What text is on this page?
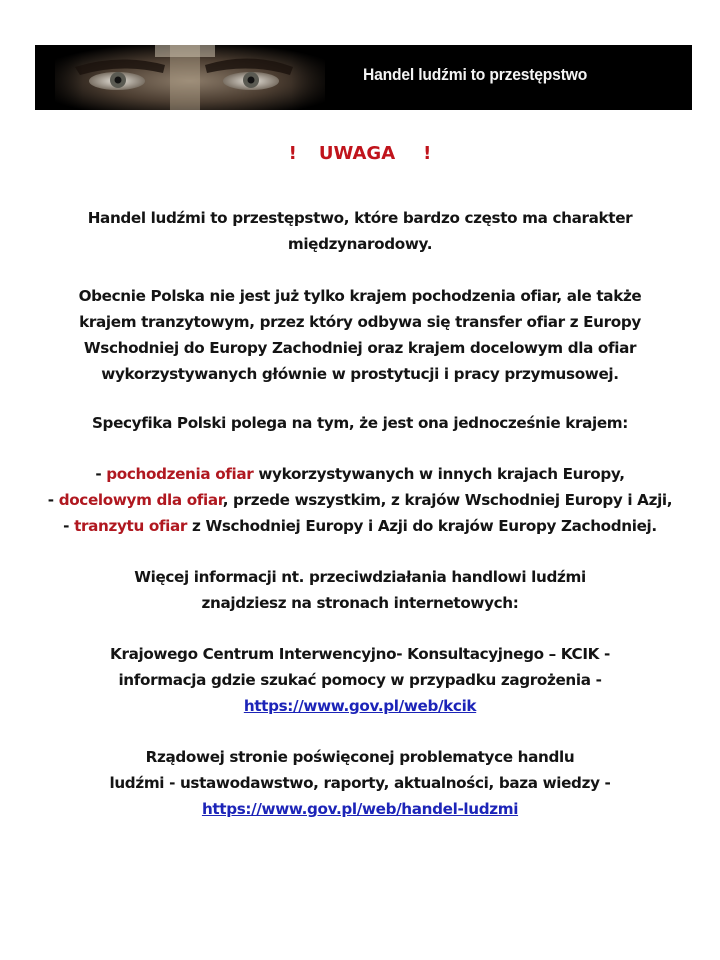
Handel ludźmi to przestępstwo
! UWAGA !
Handel ludźmi to przestępstwo, które bardzo często ma charakter
międzynarodowy.
Obecnie Polska nie jest już tylko krajem pochodzenia ofiar, ale także
krajem tranzytowym, przez który odbywa się transfer ofiar z Europy
Wschodniej do Europy Zachodniej oraz krajem docelowym dla ofiar
wykorzystywanych głównie w prostytucji i pracy przymusowej.
Specyfika Polski polega na tym, że jest ona jednocześnie krajem:
- pochodzenia ofiar wykorzystywanych w innych krajach Europy,
- docelowym dla ofiar, przede wszystkim, z krajów Wschodniej Europy i Azji,
- tranzytu ofiar z Wschodniej Europy i Azji do krajów Europy Zachodniej.
Więcej informacji nt. przeciwdziałania handlowi ludźmi
znajdziesz na stronach internetowych:
Krajowego Centrum Interwencyjno- Konsultacyjnego – KCIK -
informacja gdzie szukać pomocy w przypadku zagrożenia -
https://www.gov.pl/web/kcik
Rządowej stronie poświęconej problematyce handlu
ludźmi - ustawodawstwo, raporty, aktualności, baza wiedzy -
https://www.gov.pl/web/handel-ludzmi
